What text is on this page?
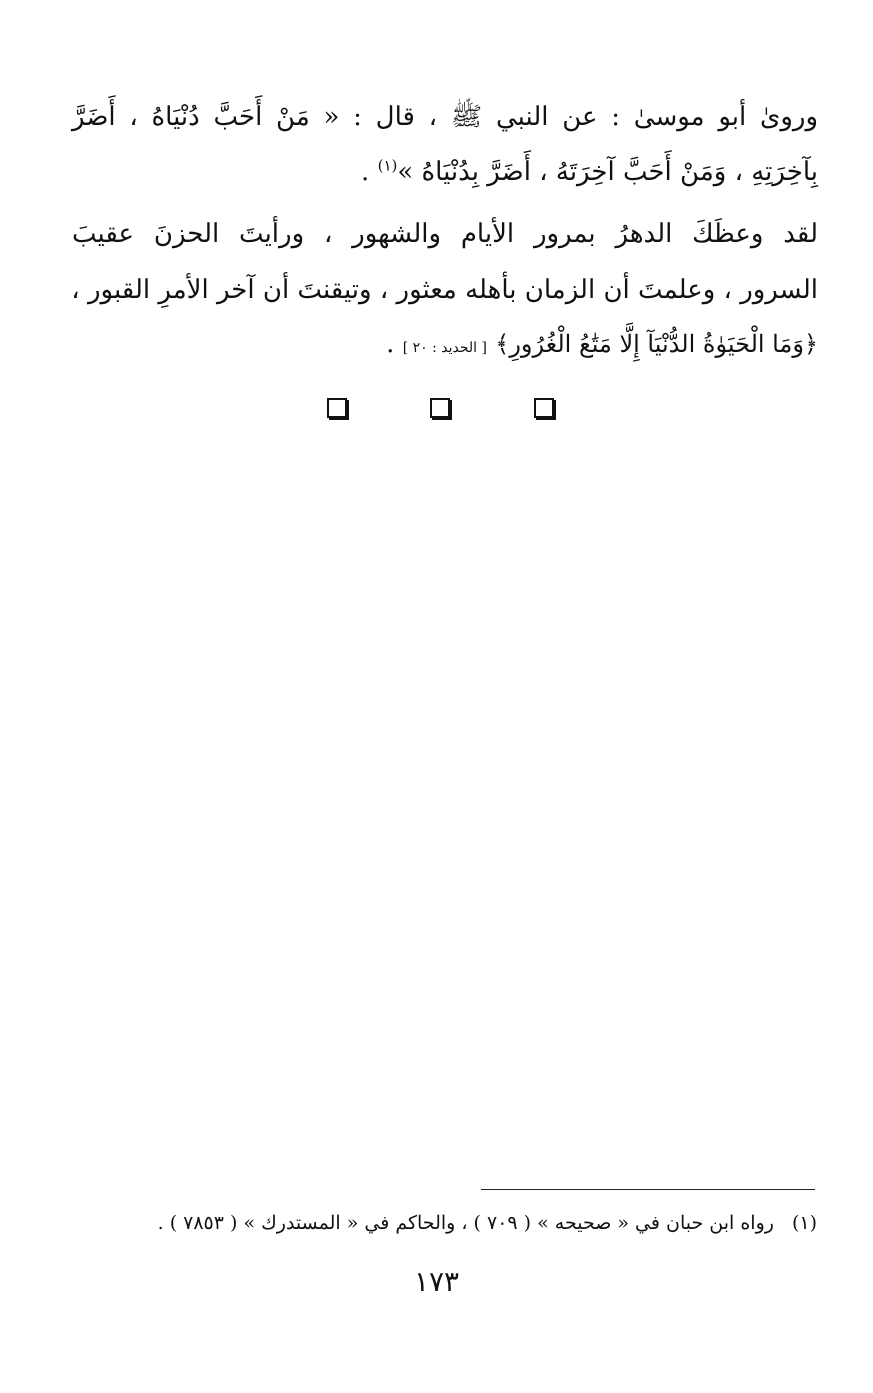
وروىٰ أبو موسىٰ : عن النبي ﷺ ، قال : « مَنْ أَحَبَّ دُنْيَاهُ ، أَضَرَّ
بِآخِرَتِهِ ، وَمَنْ أَحَبَّ آخِرَتَهُ ، أَضَرَّ بِدُنْيَاهُ »$^{(١)}$ .
لقد وعظَكَ الدهرُ بمرور الأيام والشهور ، ورأيتَ الحزنَ عقيبَ
السرور ، وعلمتَ أن الزمان بأهله معثور ، وتيقنتَ أن آخر الأمرِ القبور ،
﴿وَمَا الْحَيَوٰةُ الدُّنْيَآ إِلَّا مَتَٰعُ الْغُرُورِ﴾ [ الحديد : ٢٠ ] .
(١)رواه ابن حبان في « صحيحه » ( ٧٠٩ ) ، والحاكم في « المستدرك » ( ٧٨٥٣ ) .
١٧٣
